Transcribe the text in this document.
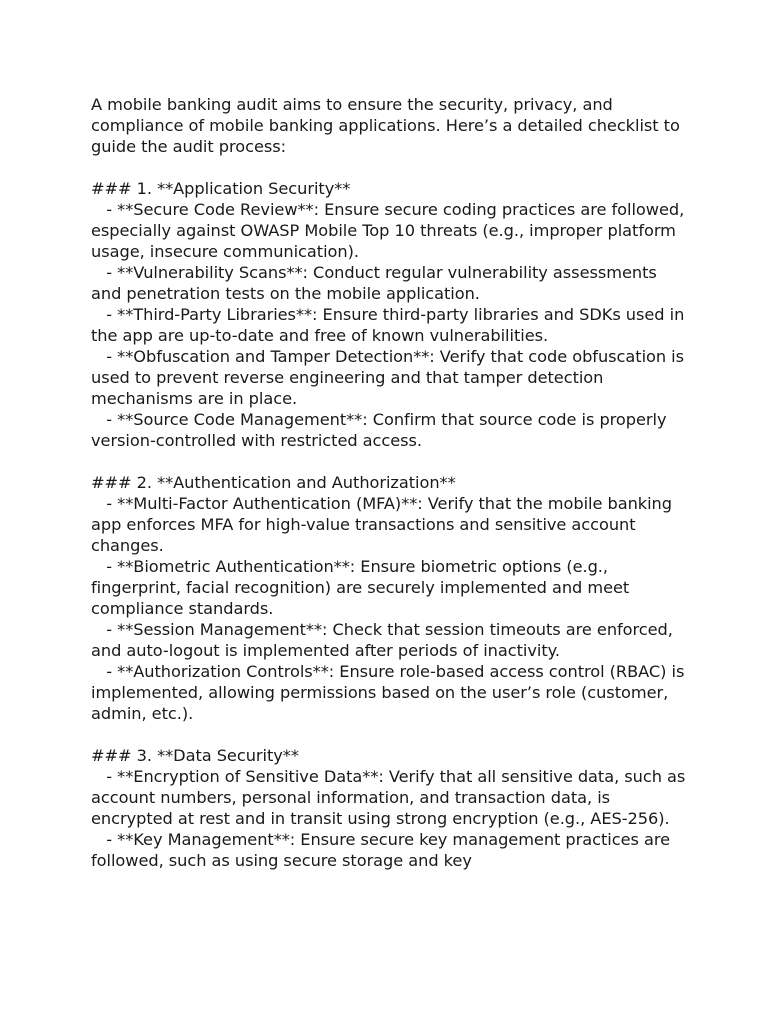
A mobile banking audit aims to ensure the security, privacy, and compliance of mobile banking applications. Here’s a detailed checklist to guide the audit process:

### 1. **Application Security**

- **Secure Code Review**: Ensure secure coding practices are followed, especially against OWASP Mobile Top 10 threats (e.g., improper platform usage, insecure communication).

- **Vulnerability Scans**: Conduct regular vulnerability assessments and penetration tests on the mobile application.

- **Third-Party Libraries**: Ensure third-party libraries and SDKs used in the app are up-to-date and free of known vulnerabilities.

- **Obfuscation and Tamper Detection**: Verify that code obfuscation is used to prevent reverse engineering and that tamper detection mechanisms are in place.

- **Source Code Management**: Confirm that source code is properly version-controlled with restricted access.

### 2. **Authentication and Authorization**

- **Multi-Factor Authentication (MFA)**: Verify that the mobile banking app enforces MFA for high-value transactions and sensitive account changes.

- **Biometric Authentication**: Ensure biometric options (e.g., fingerprint, facial recognition) are securely implemented and meet compliance standards.

- **Session Management**: Check that session timeouts are enforced, and auto-logout is implemented after periods of inactivity.

- **Authorization Controls**: Ensure role-based access control (RBAC) is implemented, allowing permissions based on the user’s role (customer, admin, etc.).

### 3. **Data Security**

- **Encryption of Sensitive Data**: Verify that all sensitive data, such as account numbers, personal information, and transaction data, is encrypted at rest and in transit using strong encryption (e.g., AES-256).

- **Key Management**: Ensure secure key management practices are followed, such as using secure storage and key
